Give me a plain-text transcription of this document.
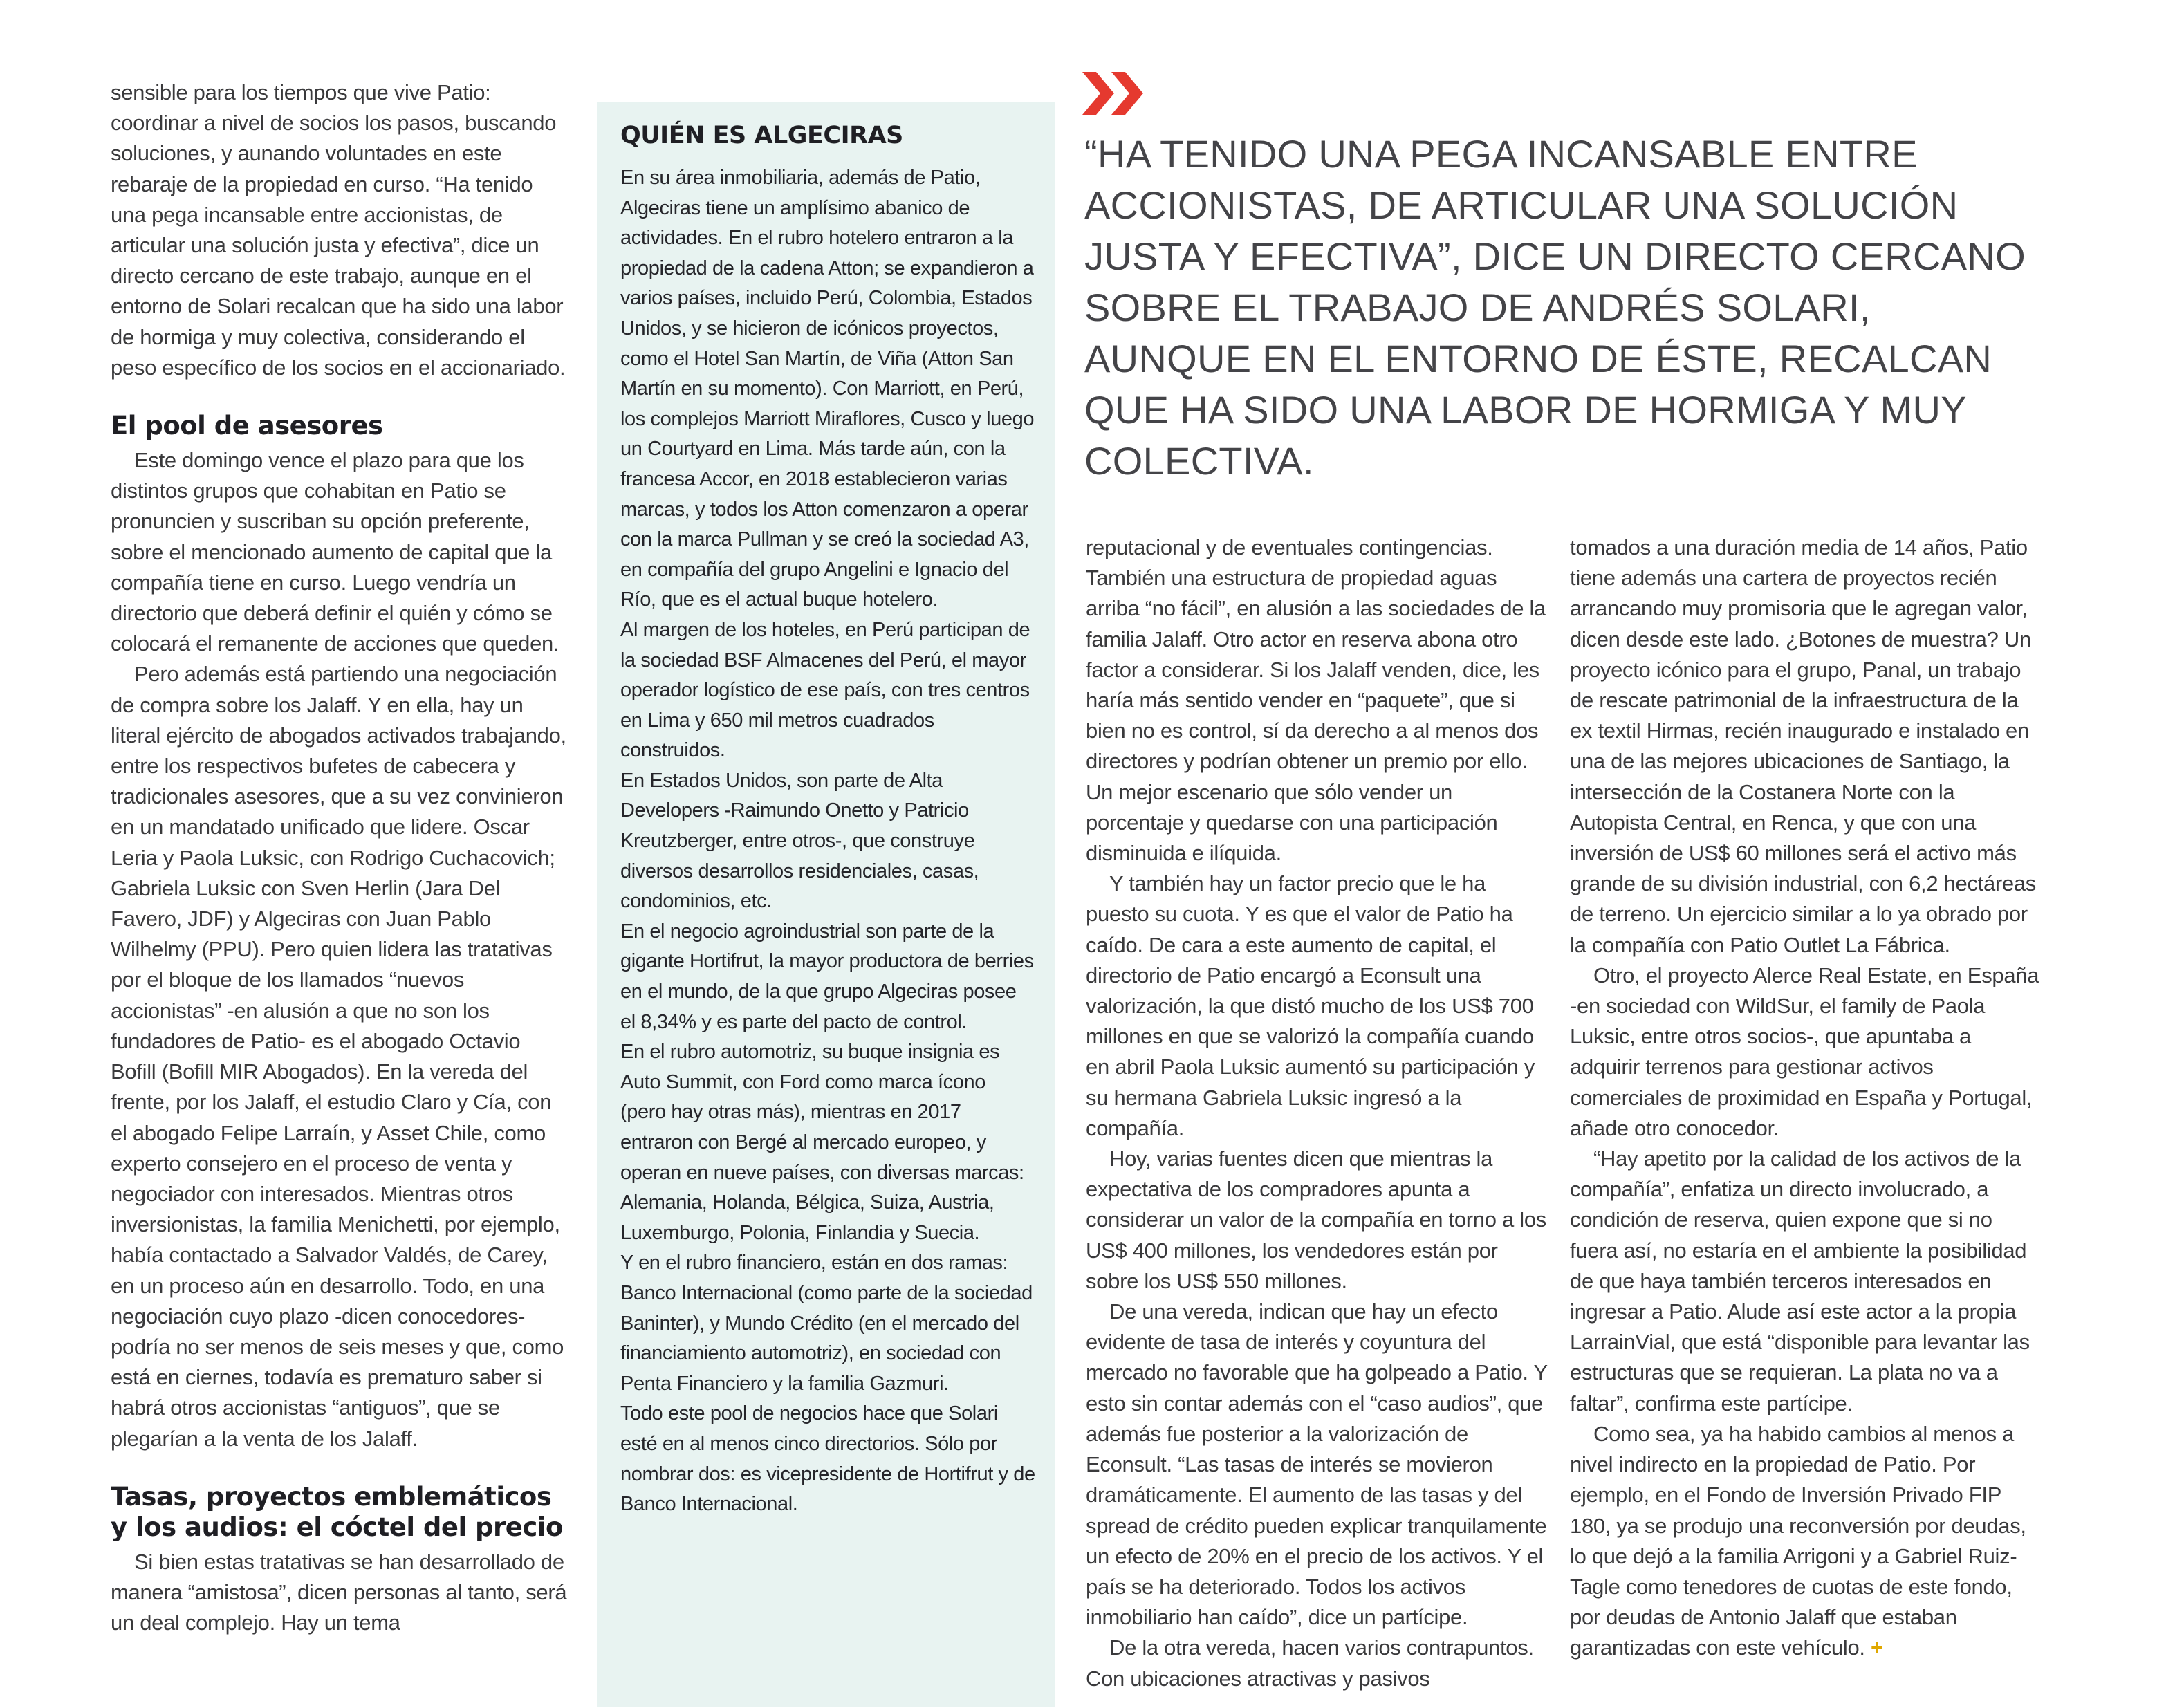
sensible para los tiempos que vive Patio: coordinar a nivel de socios los pasos, buscando soluciones, y aunando voluntades en este rebaraje de la propiedad en curso. “Ha tenido una pega incansable entre accionistas, de articular una solución justa y efectiva”, dice un directo cercano de este trabajo, aunque en el entorno de Solari recalcan que ha sido una labor de hormiga y muy colectiva, considerando el peso específico de los socios en el accionariado.

El pool de asesores

Este domingo vence el plazo para que los distintos grupos que cohabitan en Patio se pronuncien y suscriban su opción preferente, sobre el mencionado aumento de capital que la compañía tiene en curso. Luego vendría un directorio que deberá definir el quién y cómo se colocará el remanente de acciones que queden.

Pero además está partiendo una negociación de compra sobre los Jalaff. Y en ella, hay un literal ejército de abogados activados trabajando, entre los respectivos bufetes de cabecera y tradicionales asesores, que a su vez convinieron en un mandatado unificado que lidere. Oscar Leria y Paola Luksic, con Rodrigo Cuchacovich; Gabriela Luksic con Sven Herlin (Jara Del Favero, JDF) y Algeciras con Juan Pablo Wilhelmy (PPU). Pero quien lidera las tratativas por el bloque de los llamados “nuevos accionistas” -en alusión a que no son los fundadores de Patio- es el abogado Octavio Bofill (Bofill MIR Abogados). En la vereda del frente, por los Jalaff, el estudio Claro y Cía, con el abogado Felipe Larraín, y Asset Chile, como experto consejero en el proceso de venta y negociador con interesados. Mientras otros inversionistas, la familia Menichetti, por ejemplo, había contactado a Salvador Valdés, de Carey, en un proceso aún en desarrollo. Todo, en una negociación cuyo plazo -dicen conocedores- podría no ser menos de seis meses y que, como está en ciernes, todavía es prematuro saber si habrá otros accionistas “antiguos”, que se plegarían a la venta de los Jalaff.

Tasas, proyectos emblemáticos y los audios: el cóctel del precio

Si bien estas tratativas se han desarrollado de manera “amistosa”, dicen personas al tanto, será un deal complejo. Hay un tema

QUIÉN ES ALGECIRAS

En su área inmobiliaria, además de Patio, Algeciras tiene un amplísimo abanico de actividades. En el rubro hotelero entraron a la propiedad de la cadena Atton; se expandieron a varios países, incluido Perú, Colombia, Estados Unidos, y se hicieron de icónicos proyectos, como el Hotel San Martín, de Viña (Atton San Martín en su momento). Con Marriott, en Perú, los complejos Marriott Miraflores, Cusco y luego un Courtyard en Lima. Más tarde aún, con la francesa Accor, en 2018 establecieron varias marcas, y todos los Atton comenzaron a operar con la marca Pullman y se creó la sociedad A3, en compañía del grupo Angelini e Ignacio del Río, que es el actual buque hotelero.

Al margen de los hoteles, en Perú participan de la sociedad BSF Almacenes del Perú, el mayor operador logístico de ese país, con tres centros en Lima y 650 mil metros cuadrados construidos.

En Estados Unidos, son parte de Alta Developers -Raimundo Onetto y Patricio Kreutzberger, entre otros-, que construye diversos desarrollos residenciales, casas, condominios, etc.

En el negocio agroindustrial son parte de la gigante Hortifrut, la mayor productora de berries en el mundo, de la que grupo Algeciras posee el 8,34% y es parte del pacto de control.

En el rubro automotriz, su buque insignia es Auto Summit, con Ford como marca ícono (pero hay otras más), mientras en 2017 entraron con Bergé al mercado europeo, y operan en nueve países, con diversas marcas: Alemania, Holanda, Bélgica, Suiza, Austria, Luxemburgo, Polonia, Finlandia y Suecia.

Y en el rubro financiero, están en dos ramas: Banco Internacional (como parte de la sociedad Baninter), y Mundo Crédito (en el mercado del financiamiento automotriz), en sociedad con Penta Financiero y la familia Gazmuri.

Todo este pool de negocios hace que Solari esté en al menos cinco directorios. Sólo por nombrar dos: es vicepresidente de Hortifrut y de Banco Internacional.

“HA TENIDO UNA PEGA INCANSABLE ENTRE ACCIONISTAS, DE ARTICULAR UNA SOLUCIÓN JUSTA Y EFECTIVA”, DICE UN DIRECTO CERCANO SOBRE EL TRABAJO DE ANDRÉS SOLARI, AUNQUE EN EL ENTORNO DE ÉSTE, RECALCAN QUE HA SIDO UNA LABOR DE HORMIGA Y MUY COLECTIVA.

reputacional y de eventuales contingencias. También una estructura de propiedad aguas arriba “no fácil”, en alusión a las sociedades de la familia Jalaff. Otro actor en reserva abona otro factor a considerar. Si los Jalaff venden, dice, les haría más sentido vender en “paquete”, que si bien no es control, sí da derecho a al menos dos directores y podrían obtener un premio por ello. Un mejor escenario que sólo vender un porcentaje y quedarse con una participación disminuida e ilíquida.

Y también hay un factor precio que le ha puesto su cuota. Y es que el valor de Patio ha caído. De cara a este aumento de capital, el directorio de Patio encargó a Econsult una valorización, la que distó mucho de los US$ 700 millones en que se valorizó la compañía cuando en abril Paola Luksic aumentó su participación y su hermana Gabriela Luksic ingresó a la compañía.

Hoy, varias fuentes dicen que mientras la expectativa de los compradores apunta a considerar un valor de la compañía en torno a los US$ 400 millones, los vendedores están por sobre los US$ 550 millones.

De una vereda, indican que hay un efecto evidente de tasa de interés y coyuntura del mercado no favorable que ha golpeado a Patio. Y esto sin contar además con el “caso audios”, que además fue posterior a la valorización de Econsult. “Las tasas de interés se movieron dramáticamente. El aumento de las tasas y del spread de crédito pueden explicar tranquilamente un efecto de 20% en el precio de los activos. Y el país se ha deteriorado. Todos los activos inmobiliario han caído”, dice un partícipe.

De la otra vereda, hacen varios contrapuntos. Con ubicaciones atractivas y pasivos

tomados a una duración media de 14 años, Patio tiene además una cartera de proyectos recién arrancando muy promisoria que le agregan valor, dicen desde este lado. ¿Botones de muestra? Un proyecto icónico para el grupo, Panal, un trabajo de rescate patrimonial de la infraestructura de la ex textil Hirmas, recién inaugurado e instalado en una de las mejores ubicaciones de Santiago, la intersección de la Costanera Norte con la Autopista Central, en Renca, y que con una inversión de US$ 60 millones será el activo más grande de su división industrial, con 6,2 hectáreas de terreno. Un ejercicio similar a lo ya obrado por la compañía con Patio Outlet La Fábrica.

Otro, el proyecto Alerce Real Estate, en España -en sociedad con WildSur, el family de Paola Luksic, entre otros socios-, que apuntaba a adquirir terrenos para gestionar activos comerciales de proximidad en España y Portugal, añade otro conocedor.

“Hay apetito por la calidad de los activos de la compañía”, enfatiza un directo involucrado, a condición de reserva, quien expone que si no fuera así, no estaría en el ambiente la posibilidad de que haya también terceros interesados en ingresar a Patio. Alude así este actor a la propia LarrainVial, que está “disponible para levantar las estructuras que se requieran. La plata no va a faltar”, confirma este partícipe.

Como sea, ya ha habido cambios al menos a nivel indirecto en la propiedad de Patio. Por ejemplo, en el Fondo de Inversión Privado FIP 180, ya se produjo una reconversión por deudas, lo que dejó a la familia Arrigoni y a Gabriel Ruiz-Tagle como tenedores de cuotas de este fondo, por deudas de Antonio Jalaff que estaban garantizadas con este vehículo. +
